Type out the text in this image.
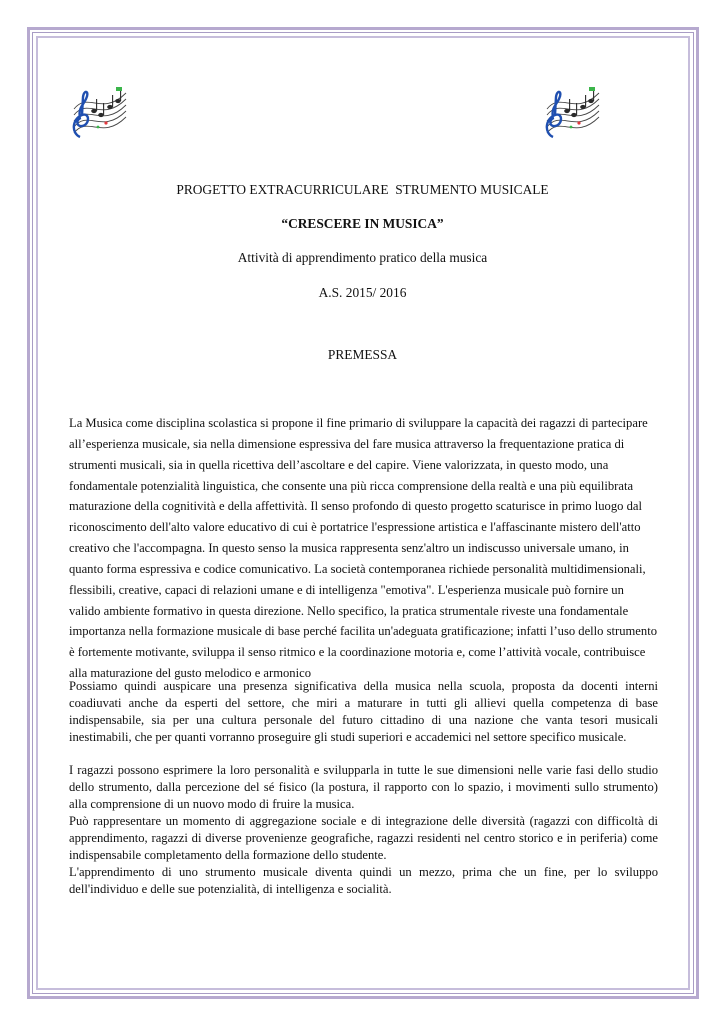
PROGETTO EXTRACURRICULARE  STRUMENTO MUSICALE

“CRESCERE IN MUSICA”

Attività di apprendimento pratico della musica

A.S. 2015/ 2016

PREMESSA

La Musica come disciplina scolastica si propone il fine primario di sviluppare la capacità dei ragazzi di partecipare all’esperienza musicale, sia nella dimensione espressiva del fare musica attraverso la frequentazione pratica di strumenti musicali, sia in quella ricettiva dell’ascoltare e del capire. Viene valorizzata, in questo modo, una fondamentale potenzialità linguistica, che consente una più ricca comprensione della realtà e una più equilibrata maturazione della cognitività e della affettività. Il senso profondo di questo progetto scaturisce in primo luogo dal riconoscimento dell'alto valore educativo di cui è portatrice l'espressione artistica e l'affascinante mistero dell'atto creativo che l'accompagna. In questo senso la musica rappresenta senz'altro un indiscusso universale umano, in quanto forma espressiva e codice comunicativo. La società contemporanea richiede personalità multidimensionali, flessibili, creative, capaci di relazioni umane e di intelligenza "emotiva". L'esperienza musicale può fornire un valido ambiente formativo in questa direzione. Nello specifico, la pratica strumentale riveste una fondamentale importanza nella formazione musicale di base perché facilita un'adeguata gratificazione; infatti l’uso dello strumento è fortemente motivante, sviluppa il senso ritmico e la coordinazione motoria e, come l’attività vocale, contribuisce alla maturazione del gusto melodico e armonico

Possiamo quindi auspicare una presenza significativa della musica nella scuola, proposta da docenti interni coadiuvati anche da esperti del settore, che miri a maturare in tutti gli allievi quella competenza di base indispensabile, sia per una cultura personale del futuro cittadino di una nazione che vanta tesori musicali inestimabili, che per quanti vorranno proseguire gli studi superiori e accademici nel settore specifico musicale.

I ragazzi possono esprimere la loro personalità e svilupparla in tutte le sue dimensioni nelle varie fasi dello studio dello strumento, dalla percezione del sé fisico (la postura, il rapporto con lo spazio, i movimenti sullo strumento) alla comprensione di un nuovo modo di fruire la musica.

Può rappresentare un momento di aggregazione sociale e di integrazione delle diversità (ragazzi con difficoltà di apprendimento, ragazzi di diverse provenienze geografiche, ragazzi residenti nel centro storico e in periferia) come indispensabile completamento della formazione dello studente.

L'apprendimento di uno strumento musicale diventa quindi un mezzo, prima che un fine, per lo sviluppo dell'individuo e delle sue potenzialità, di intelligenza e socialità.
